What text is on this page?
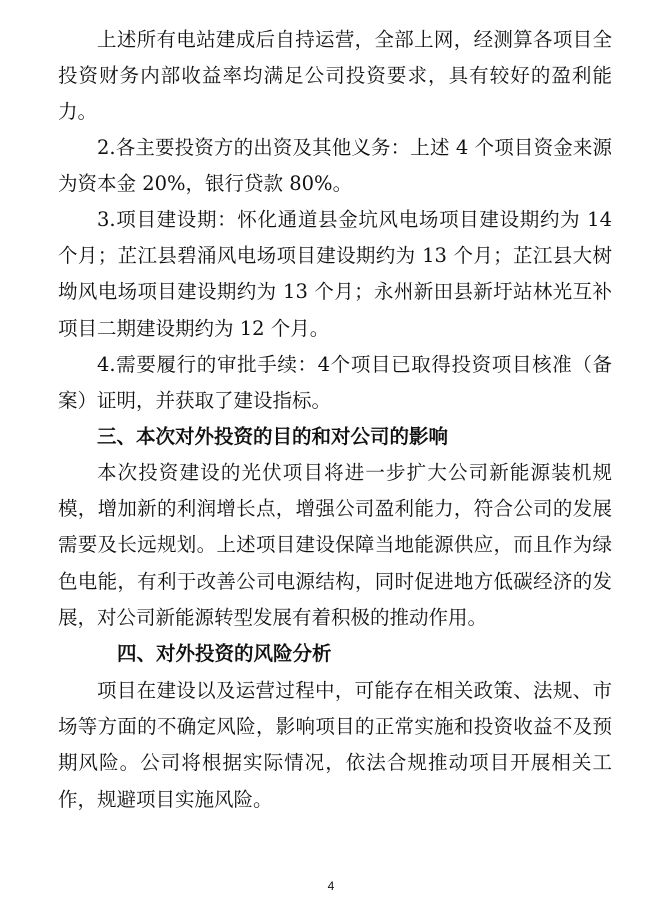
上述所有电站建成后自持运营，全部上网，经测算各项目全投资财务内部收益率均满足公司投资要求，具有较好的盈利能力。

2.各主要投资方的出资及其他义务：上述 4 个项目资金来源为资本金 20%，银行贷款 80%。

3.项目建设期：怀化通道县金坑风电场项目建设期约为 14 个月；芷江县碧涌风电场项目建设期约为 13 个月；芷江县大树坳风电场项目建设期约为 13 个月；永州新田县新圩站林光互补项目二期建设期约为 12 个月。

4.需要履行的审批手续：4个项目已取得投资项目核准（备案）证明，并获取了建设指标。

三、本次对外投资的目的和对公司的影响

本次投资建设的光伏项目将进一步扩大公司新能源装机规模，增加新的利润增长点，增强公司盈利能力，符合公司的发展需要及长远规划。上述项目建设保障当地能源供应，而且作为绿色电能，有利于改善公司电源结构，同时促进地方低碳经济的发展，对公司新能源转型发展有着积极的推动作用。

四、对外投资的风险分析

项目在建设以及运营过程中，可能存在相关政策、法规、市场等方面的不确定风险，影响项目的正常实施和投资收益不及预期风险。公司将根据实际情况，依法合规推动项目开展相关工作，规避项目实施风险。

4
